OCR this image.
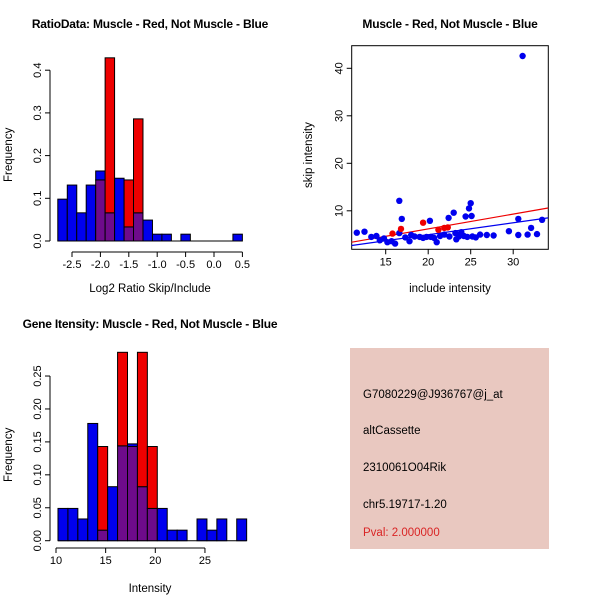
-2.5 -2.0 -1.5 -1.0 -0.5 0.0 0.5
0.0
0.1
0.2
0.3
0.4
RatioData: Muscle - Red, Not Muscle - Blue
Frequency
Log2 Ratio Skip/Include
15	20	25	30
10
20
30
40
Muscle - Red, Not Muscle - Blue
skip intensity
include intensity
10	15	20	25
0.00
0.05
0.10
0.15
0.20
0.25
Gene Itensity: Muscle - Red, Not Muscle - Blue
Frequency
Intensity
G7080229@J936767@j_at
altCassette
2310061O04Rik
chr5.19717-1.20
Pval: 2.000000
